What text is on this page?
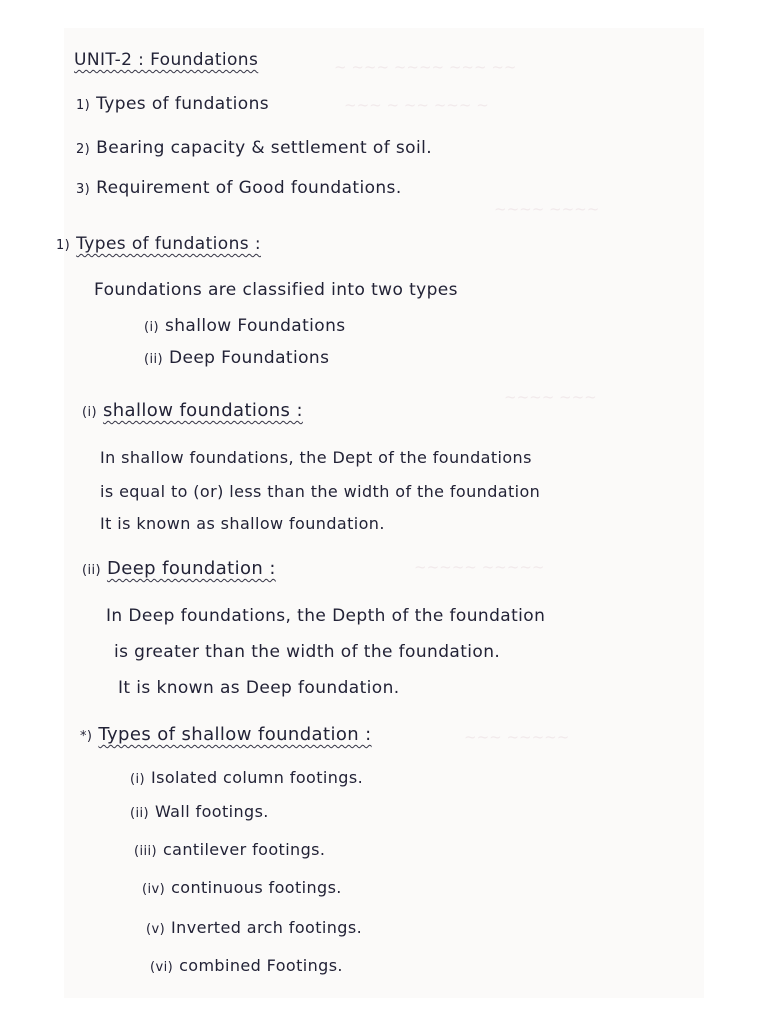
~ ~~~ ~~~~ ~~~ ~~
~~~ ~ ~~ ~~~ ~
~~~~ ~~~~
~~~~ ~~~
~~~~~ ~~~~~
~~~ ~~~~~
UNIT-2 : Foundations
1) Types of fundations
2) Bearing capacity & settlement of soil.
3) Requirement of Good foundations.
1) Types of fundations :
Foundations are classified into two types
(i) shallow Foundations
(ii) Deep Foundations
(i) shallow foundations :
In shallow foundations, the Dept of the foundations
is equal to (or) less than the width of the foundation
It is known as shallow foundation.
(ii) Deep foundation :
In Deep foundations, the Depth of the foundation
is greater than the width of the foundation.
It is known as Deep foundation.
*) Types of shallow foundation :
(i) Isolated column footings.
(ii) Wall footings.
(iii) cantilever footings.
(iv) continuous footings.
(v) Inverted arch footings.
(vi) combined Footings.
